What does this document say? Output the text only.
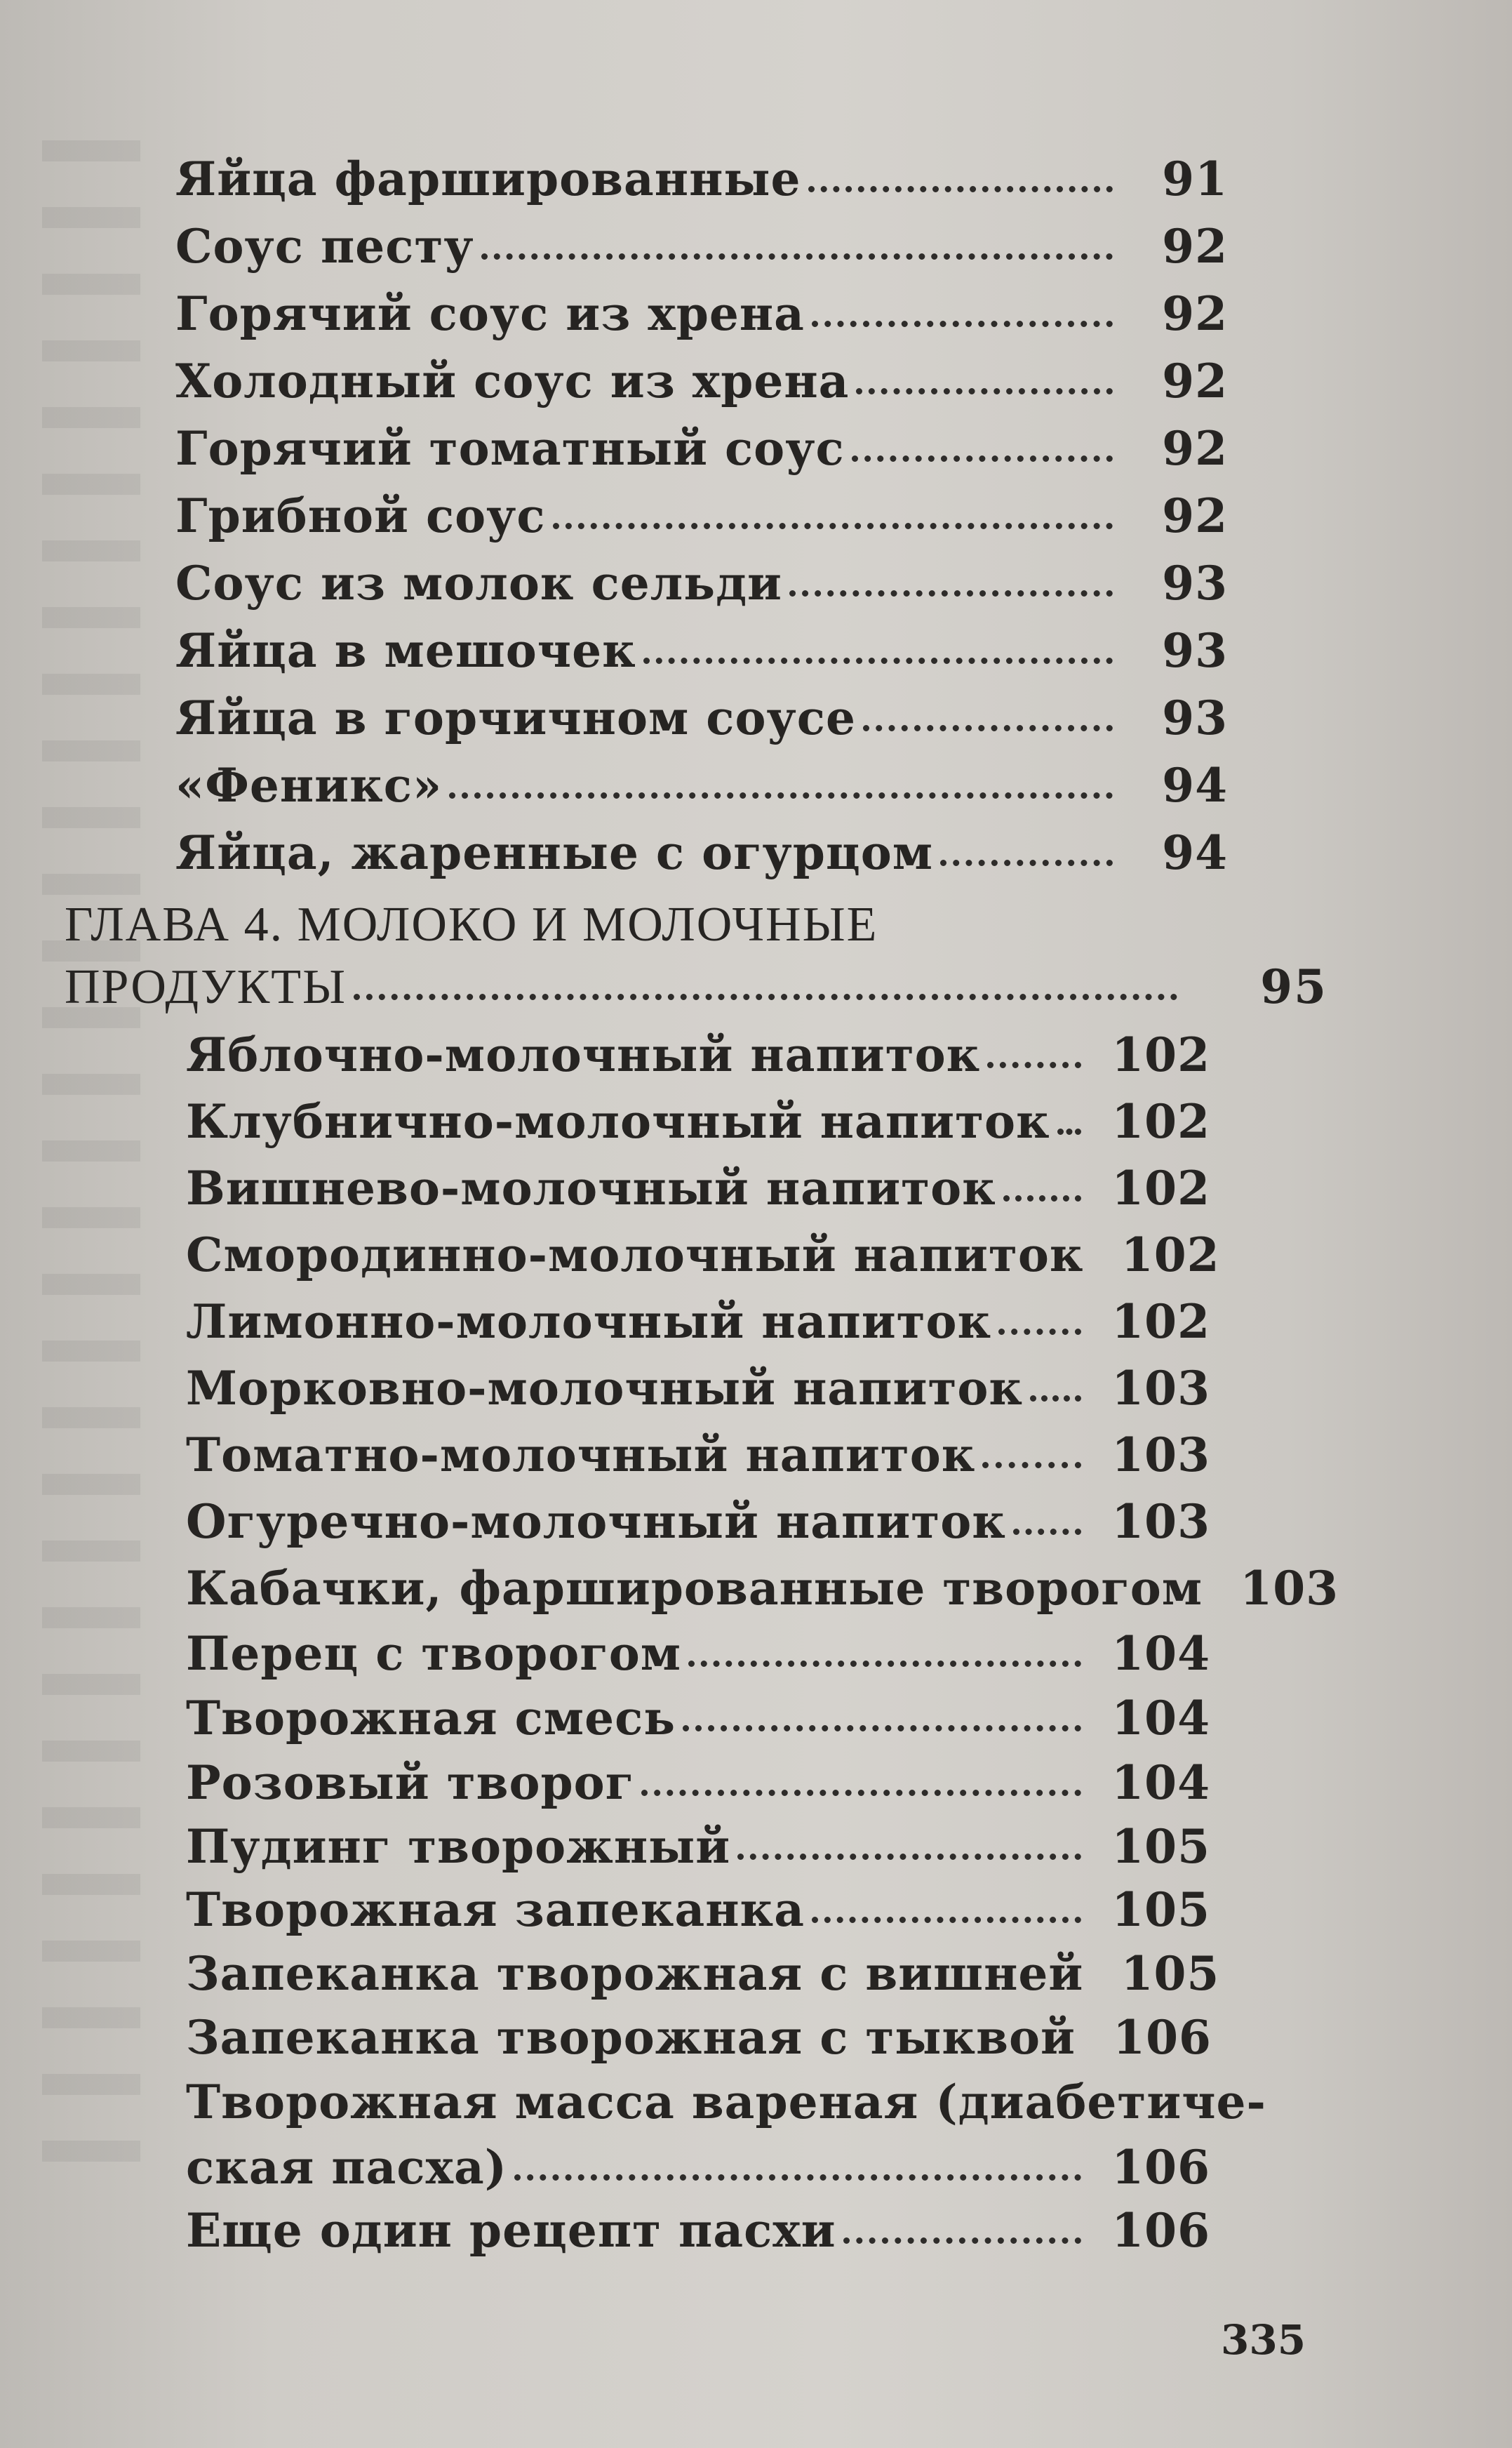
Яйца фаршированные	91
Соус песту	92
Горячий соус из хрена	92
Холодный соус из хрена	92
Горячий томатный соус	92
Грибной соус	92
Соус из молок сельди	93
Яйца в мешочек	93
Яйца в горчичном соусе	93
«Феникс»	94
Яйца, жаренные с огурцом	94
ГЛАВА 4. МОЛОКО И МОЛОЧНЫЕ
ПРОДУКТЫ	95
Яблочно-молочный напиток	102
Клубнично-молочный напиток	102
Вишнево-молочный напиток	102
Смородинно-молочный напиток 102
Лимонно-молочный напиток	102
Морковно-молочный напиток	103
Томатно-молочный напиток	103
Огуречно-молочный напиток	103
Кабачки, фаршированные творогом 103
Перец с творогом	104
Творожная смесь	104
Розовый творог	104
Пудинг творожный	105
Творожная запеканка	105
Запеканка творожная с вишней 105
Запеканка творожная с тыквой 106
Творожная масса вареная (диабетиче-
ская пасха)	106
Еще один рецепт пасхи	106
335
